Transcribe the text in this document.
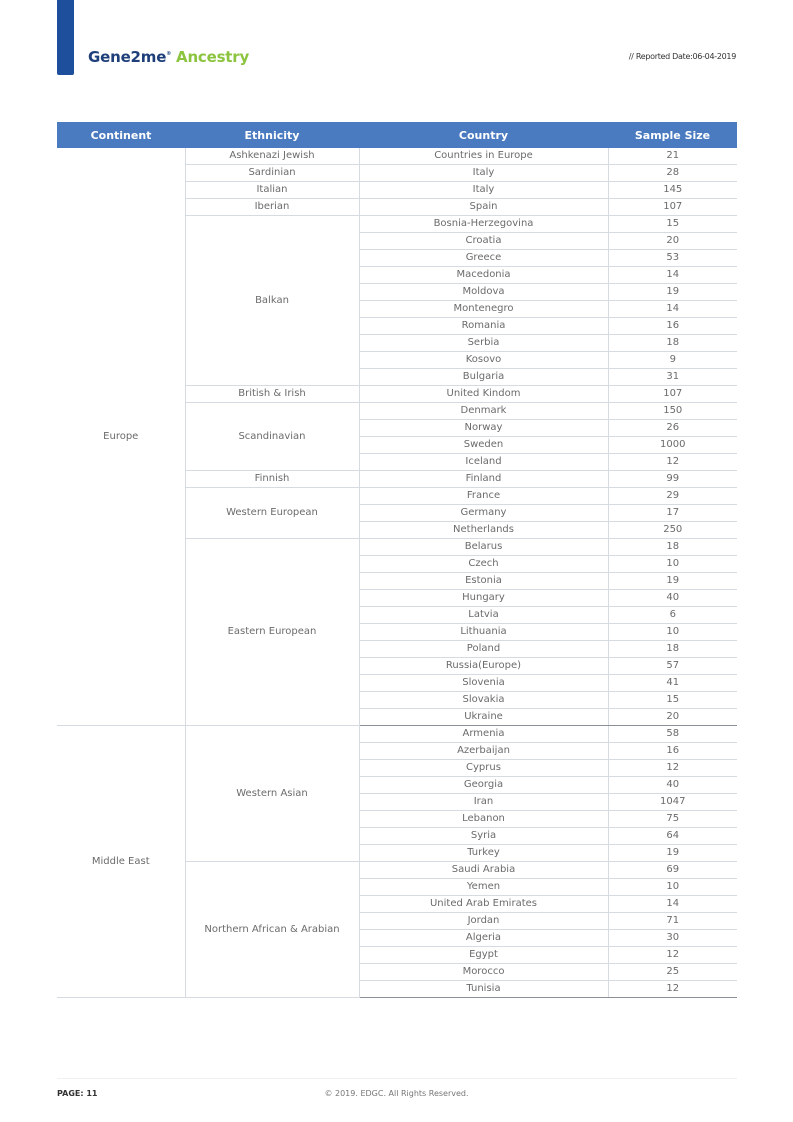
Gene2me® Ancestry	// Reported Date:06-04-2019
Continent	Ethnicity	Country	Sample Size
Europe	Ashkenazi Jewish	Countries in Europe	21
	Sardinian	Italy	28
	Italian	Italy	145
	Iberian	Spain	107
	Balkan	Bosnia-Herzegovina	15
		Croatia	20
		Greece	53
		Macedonia	14
		Moldova	19
		Montenegro	14
		Romania	16
		Serbia	18
		Kosovo	9
		Bulgaria	31
	British & Irish	United Kindom	107
	Scandinavian	Denmark	150
		Norway	26
		Sweden	1000
		Iceland	12
	Finnish	Finland	99
	Western European	France	29
		Germany	17
		Netherlands	250
	Eastern European	Belarus	18
		Czech	10
		Estonia	19
		Hungary	40
		Latvia	6
		Lithuania	10
		Poland	18
		Russia(Europe)	57
		Slovenia	41
		Slovakia	15
		Ukraine	20
Middle East	Western Asian	Armenia	58
		Azerbaijan	16
		Cyprus	12
		Georgia	40
		Iran	1047
		Lebanon	75
		Syria	64
		Turkey	19
	Northern African & Arabian	Saudi Arabia	69
		Yemen	10
		United Arab Emirates	14
		Jordan	71
		Algeria	30
		Egypt	12
		Morocco	25
		Tunisia	12
PAGE: 11	© 2019. EDGC. All Rights Reserved.
